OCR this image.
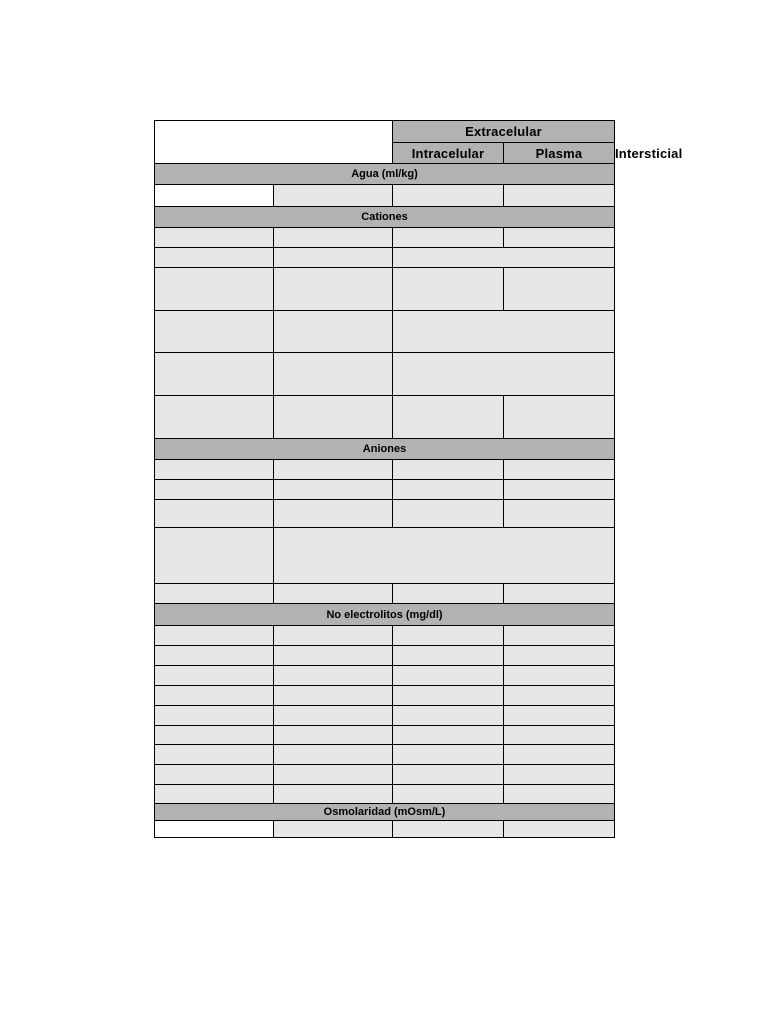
		Extracelular		
		Intracelular	Plasma	Intersticial
Agua (ml/kg)				

Cationes				

Aniones				

No electrolitos (mg/dl)				

Osmolaridad (mOsm/L)				
